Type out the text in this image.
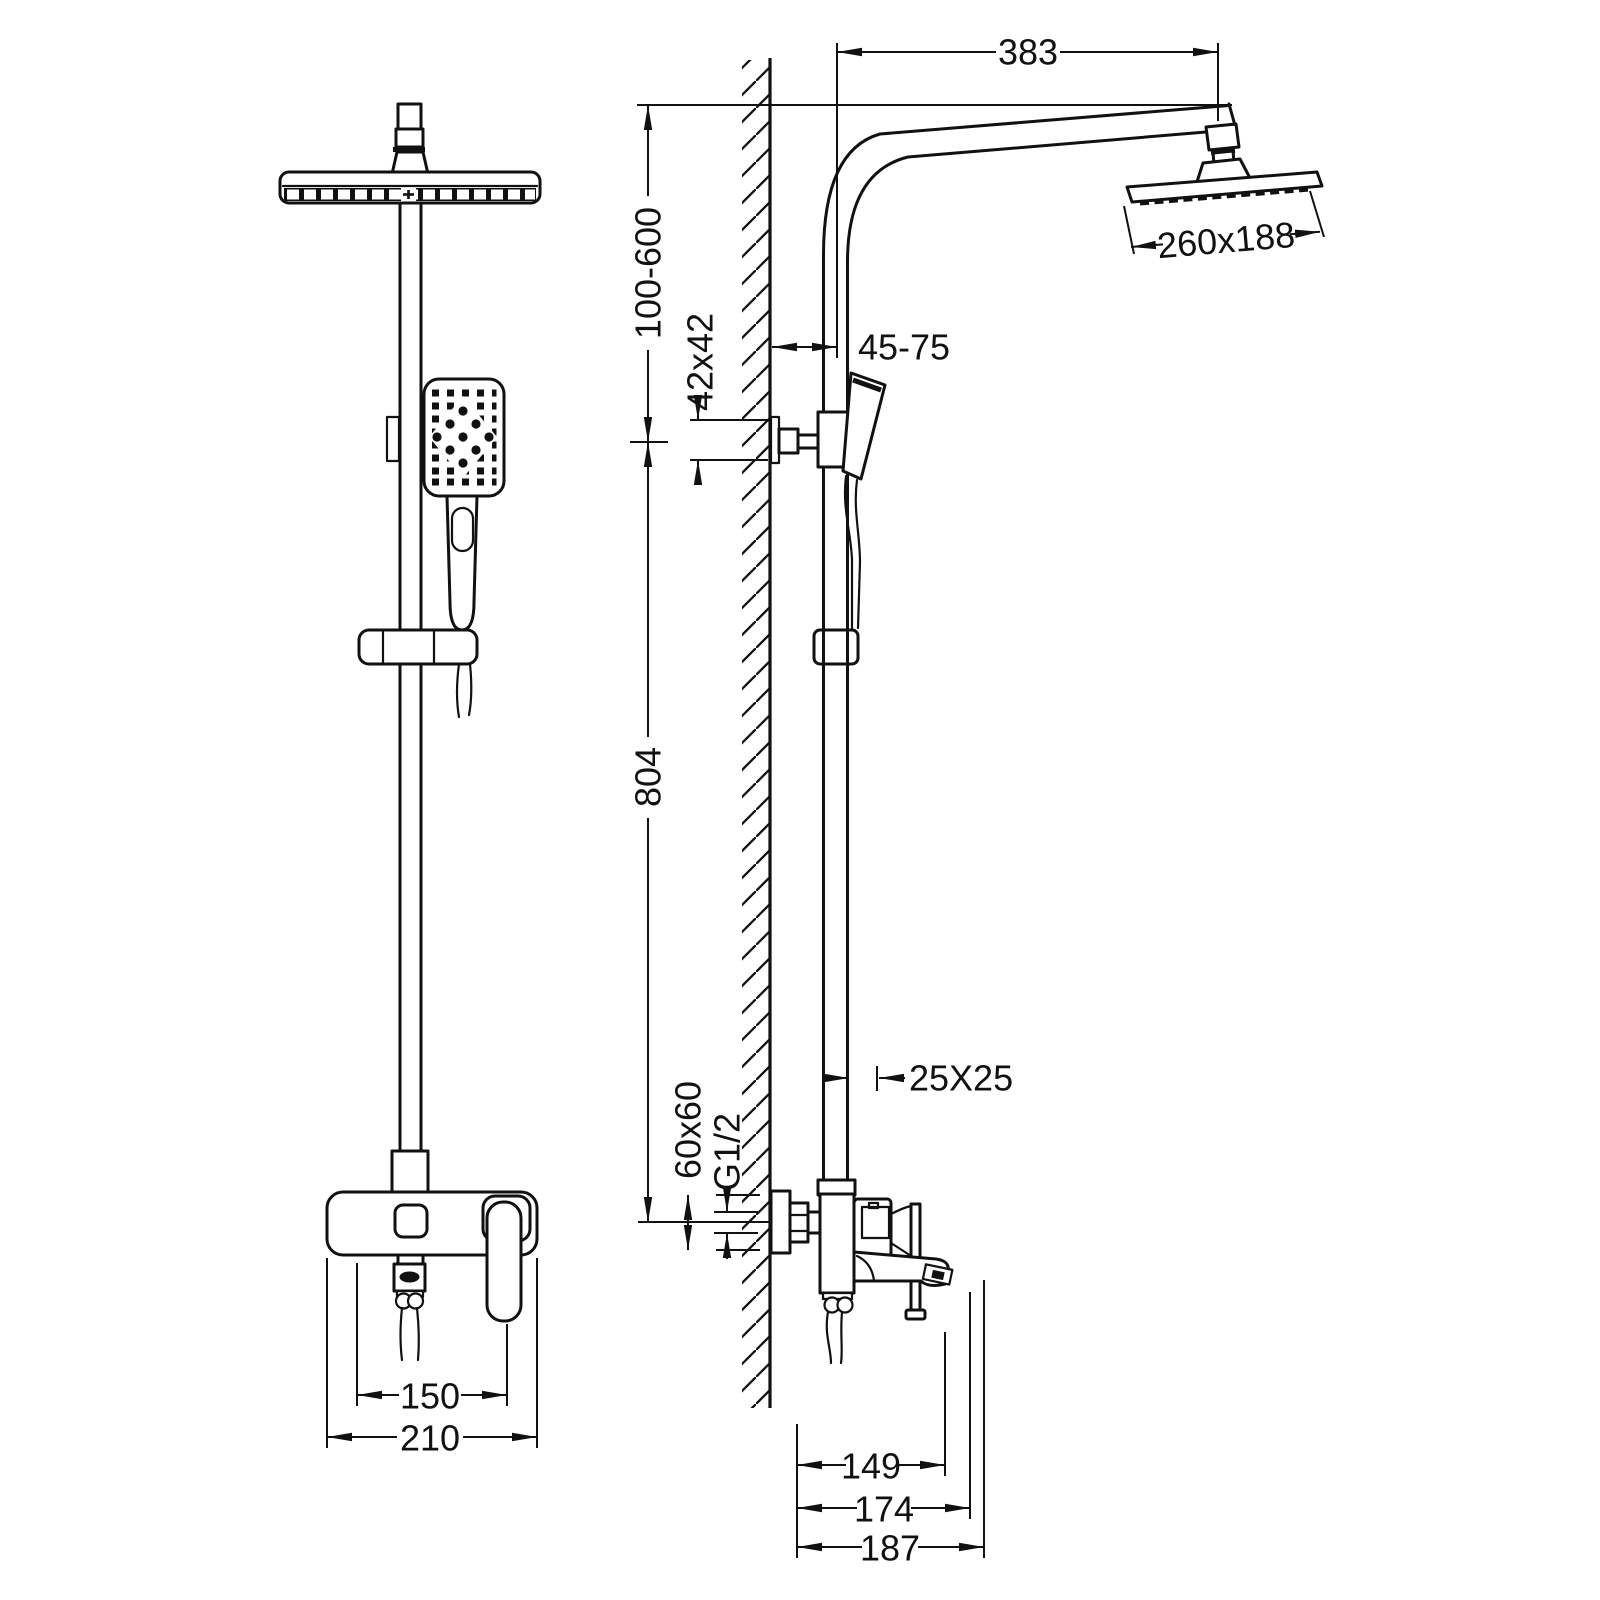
150
210
383
100-600
804
42x42	45-75
25X25
60x60
G1/2
260x188
149
174
187
